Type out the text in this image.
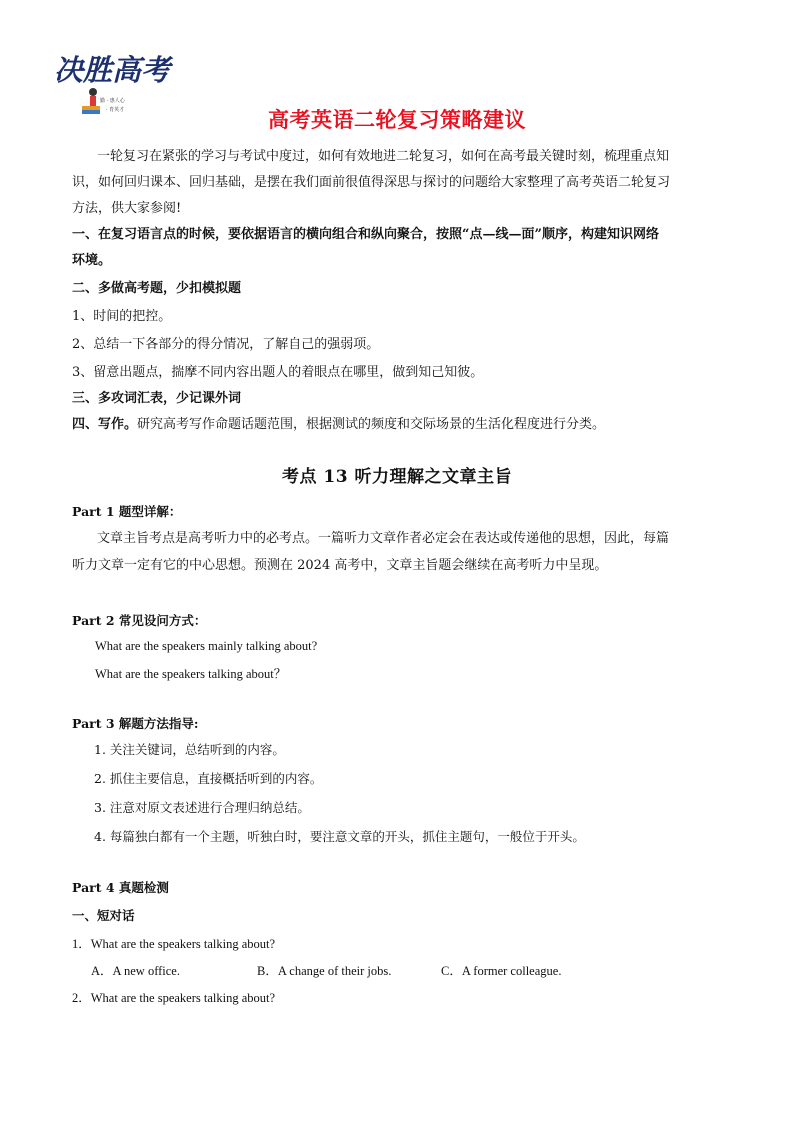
决胜高考
勤 · 惠人心
· 育英才	高考英语二轮复习策略建议
一轮复习在紧张的学习与考试中度过，如何有效地进二轮复习，如何在高考最关键时刻，梳理重点知
识，如何回归课本、回归基础，是摆在我们面前很值得深思与探讨的问题给大家整理了高考英语二轮复习
方法，供大家参阅!
一、在复习语言点的时候，要依据语言的横向组合和纵向聚合，按照“点—线—面”顺序，构建知识网络
环境。
二、多做高考题，少扣模拟题
1、时间的把控。
2、总结一下各部分的得分情况，了解自己的强弱项。
3、留意出题点，揣摩不同内容出题人的着眼点在哪里，做到知己知彼。
三、多攻词汇表，少记课外词
四、写作。研究高考写作命题话题范围，根据测试的频度和交际场景的生活化程度进行分类。
考点 13 听力理解之文章主旨
Part 1 题型详解：
文章主旨考点是高考听力中的必考点。一篇听力文章作者必定会在表达或传递他的思想，因此，每篇
听力文章一定有它的中心思想。预测在 2024 高考中，文章主旨题会继续在高考听力中呈现。
Part 2 常见设问方式：
What are the speakers mainly talking about?
What are the speakers talking about？
Part 3 解题方法指导:
1. 关注关键词，总结听到的内容。
2. 抓住主要信息，直接概括听到的内容。
3. 注意对原文表述进行合理归纳总结。
4. 每篇独白都有一个主题，听独白时，要注意文章的开头，抓住主题句，一般位于开头。
Part 4 真题检测
一、短对话
1．What are the speakers talking about?
A．A new office.	B．A change of their jobs.	C．A former colleague.
2．What are the speakers talking about?
